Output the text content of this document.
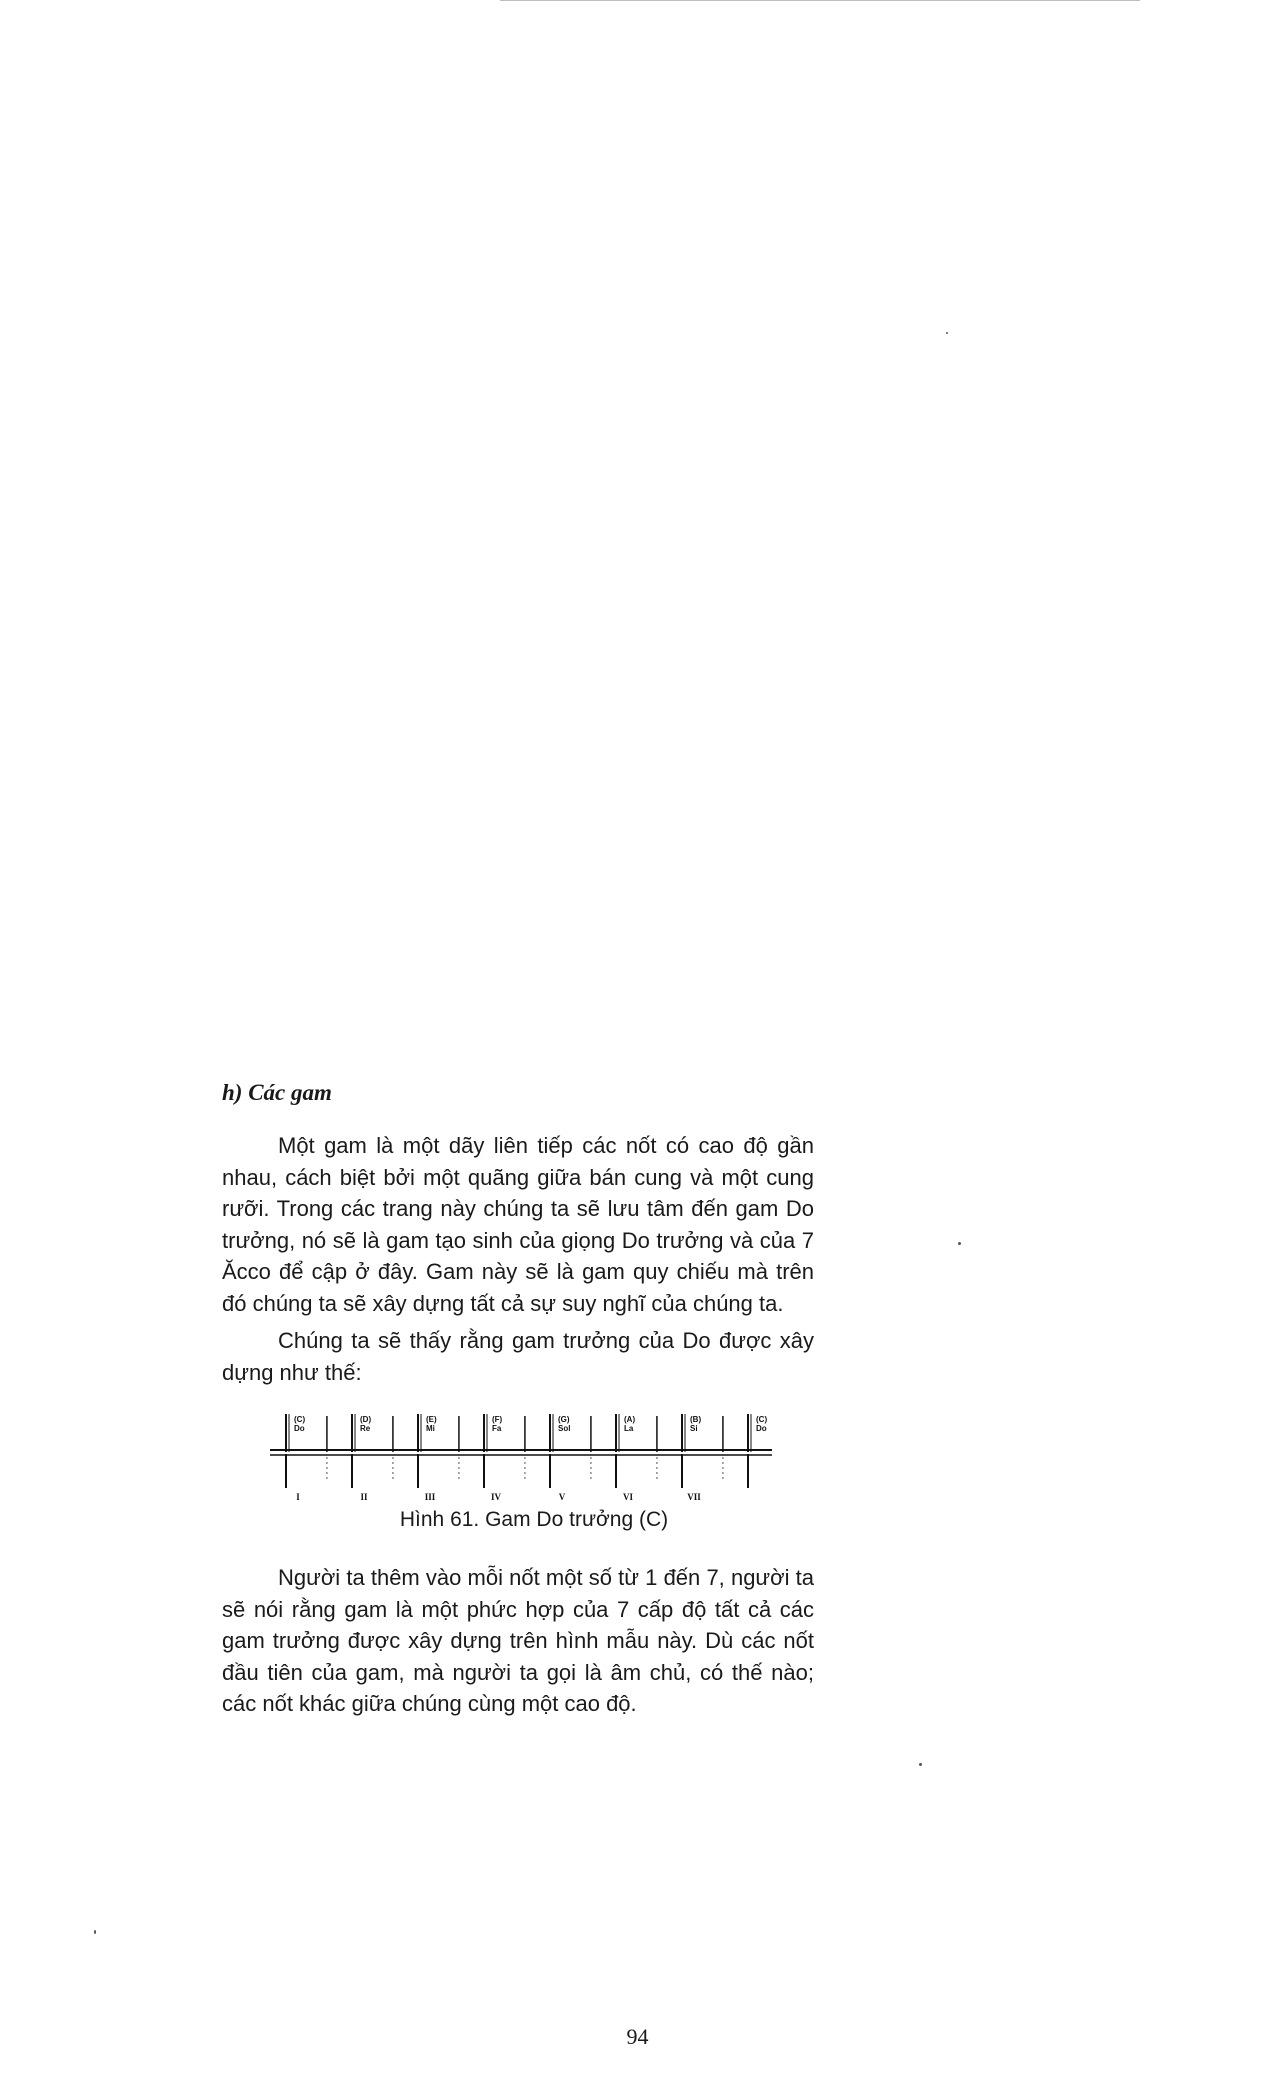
h) Các gam

Một gam là một dãy liên tiếp các nốt có cao độ gần nhau, cách biệt bởi một quãng giữa bán cung và một cung rưỡi. Trong các trang này chúng ta sẽ lưu tâm đến gam Do trưởng, nó sẽ là gam tạo sinh của giọng Do trưởng và của 7 Ăcco để cập ở đây. Gam này sẽ là gam quy chiếu mà trên đó chúng ta sẽ xây dựng tất cả sự suy nghĩ của chúng ta.

Chúng ta sẽ thấy rằng gam trưởng của Do được xây dựng như thế:

(C)
Do
I
(D)
Re
II
(E)
Mi
III
(F)
Fa
IV
(G)
Sol
V
(A)
La
VI
(B)
Si
VII
(C)
Do
Hình 61. Gam Do trưởng (C)

Người ta thêm vào mỗi nốt một số từ 1 đến 7, người ta sẽ nói rằng gam là một phức hợp của 7 cấp độ tất cả các gam trưởng được xây dựng trên hình mẫu này. Dù các nốt đầu tiên của gam, mà người ta gọi là âm chủ, có thế nào; các nốt khác giữa chúng cùng một cao độ.

94
